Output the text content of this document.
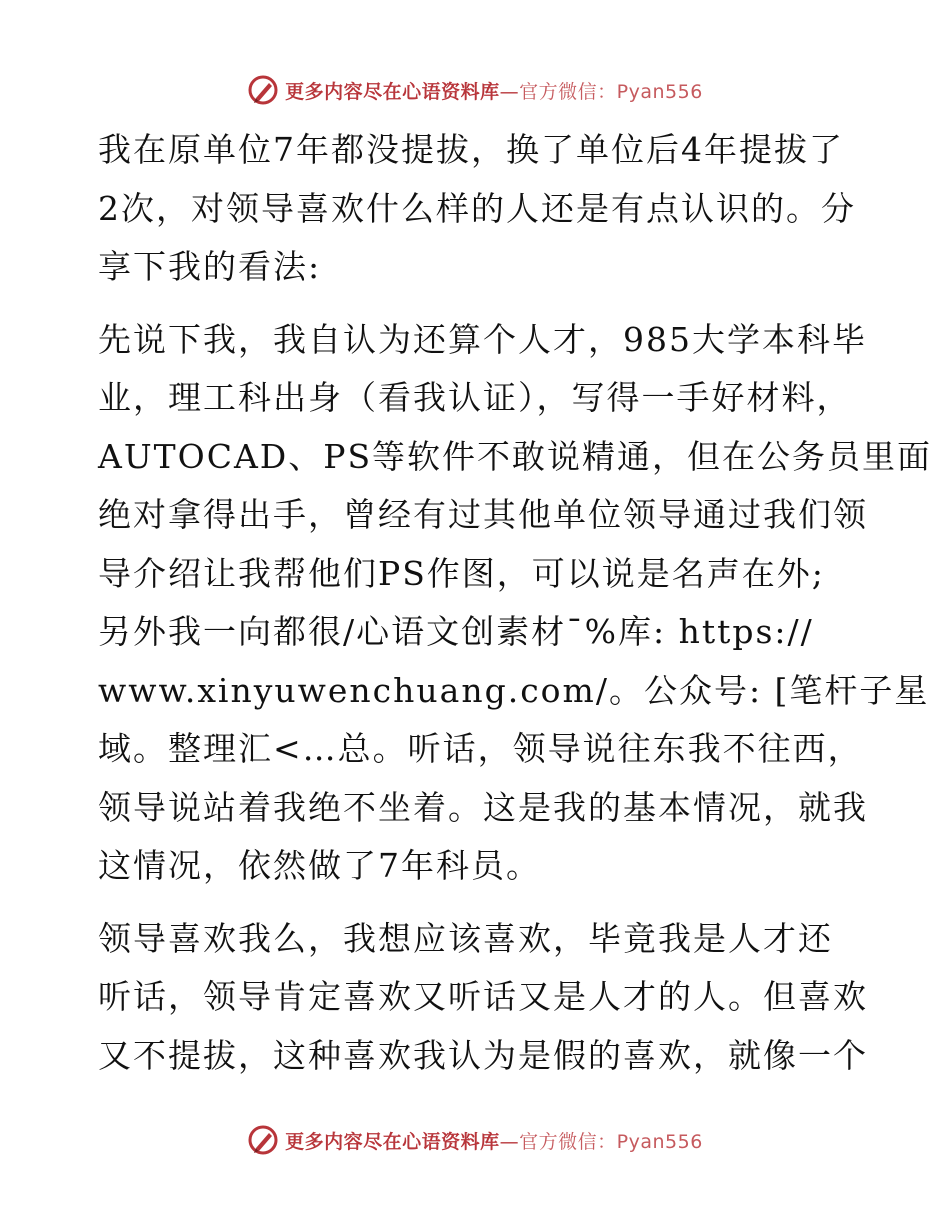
更多内容尽在心语资料库—官方微信：Pyan556

我在原单位7年都没提拔，换了单位后4年提拔了
2次，对领导喜欢什么样的人还是有点认识的。分
享下我的看法:

先说下我，我自认为还算个人才，985大学本科毕
业，理工科出身（看我认证），写得一手好材料，
AUTOCAD、PS等软件不敢说精通，但在公务员里面
绝对拿得出手，曾经有过其他单位领导通过我们领
导介绍让我帮他们PS作图，可以说是名声在外;
另外我一向都很/心语文创素材¯%库: https://
www.xinyuwenchuang.com/。公众号: [笔杆子星
域。整理汇<…总。听话，领导说往东我不往西，
领导说站着我绝不坐着。这是我的基本情况，就我
这情况，依然做了7年科员。

领导喜欢我么，我想应该喜欢，毕竟我是人才还
听话，领导肯定喜欢又听话又是人才的人。但喜欢
又不提拔，这种喜欢我认为是假的喜欢，就像一个

更多内容尽在心语资料库—官方微信：Pyan556
